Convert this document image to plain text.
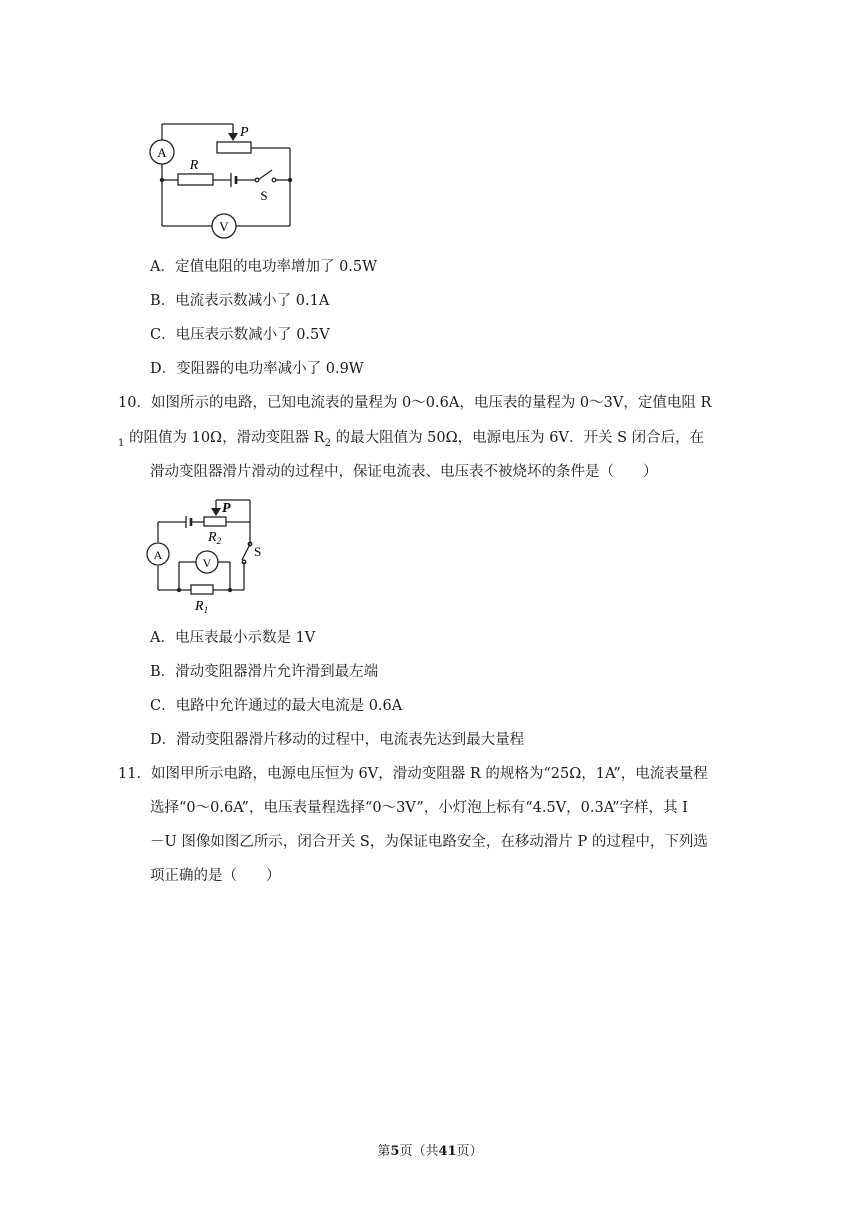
A
V
R
P
S
A．定值电阻的电功率增加了 0.5W
B．电流表示数减小了 0.1A
C．电压表示数减小了 0.5V
D．变阻器的电功率减小了 0.9W
10．如图所示的电路，已知电流表的量程为 0～0.6A，电压表的量程为 0～3V，定值电阻 R
$_1$ 的阻值为 10Ω，滑动变阻器 $R_2$ 的最大阻值为 50Ω，电源电压为 6V．开关 S 闭合后，在
滑动变阻器滑片滑动的过程中，保证电流表、电压表不被烧坏的条件是（　　）
A
V
P
$R_2$
$R_1$
S
A．电压表最小示数是 1V
B．滑动变阻器滑片允许滑到最左端
C．电路中允许通过的最大电流是 0.6A
D．滑动变阻器滑片移动的过程中，电流表先达到最大量程
11．如图甲所示电路，电源电压恒为 6V，滑动变阻器 R 的规格为“25Ω，1A”，电流表量程
选择“0～0.6A”，电压表量程选择“0～3V”，小灯泡上标有“4.5V，0.3A”字样，其 I
－U 图像如图乙所示，闭合开关 S，为保证电路安全，在移动滑片 P 的过程中，下列选
项正确的是（　　）
第5页（共41页）
